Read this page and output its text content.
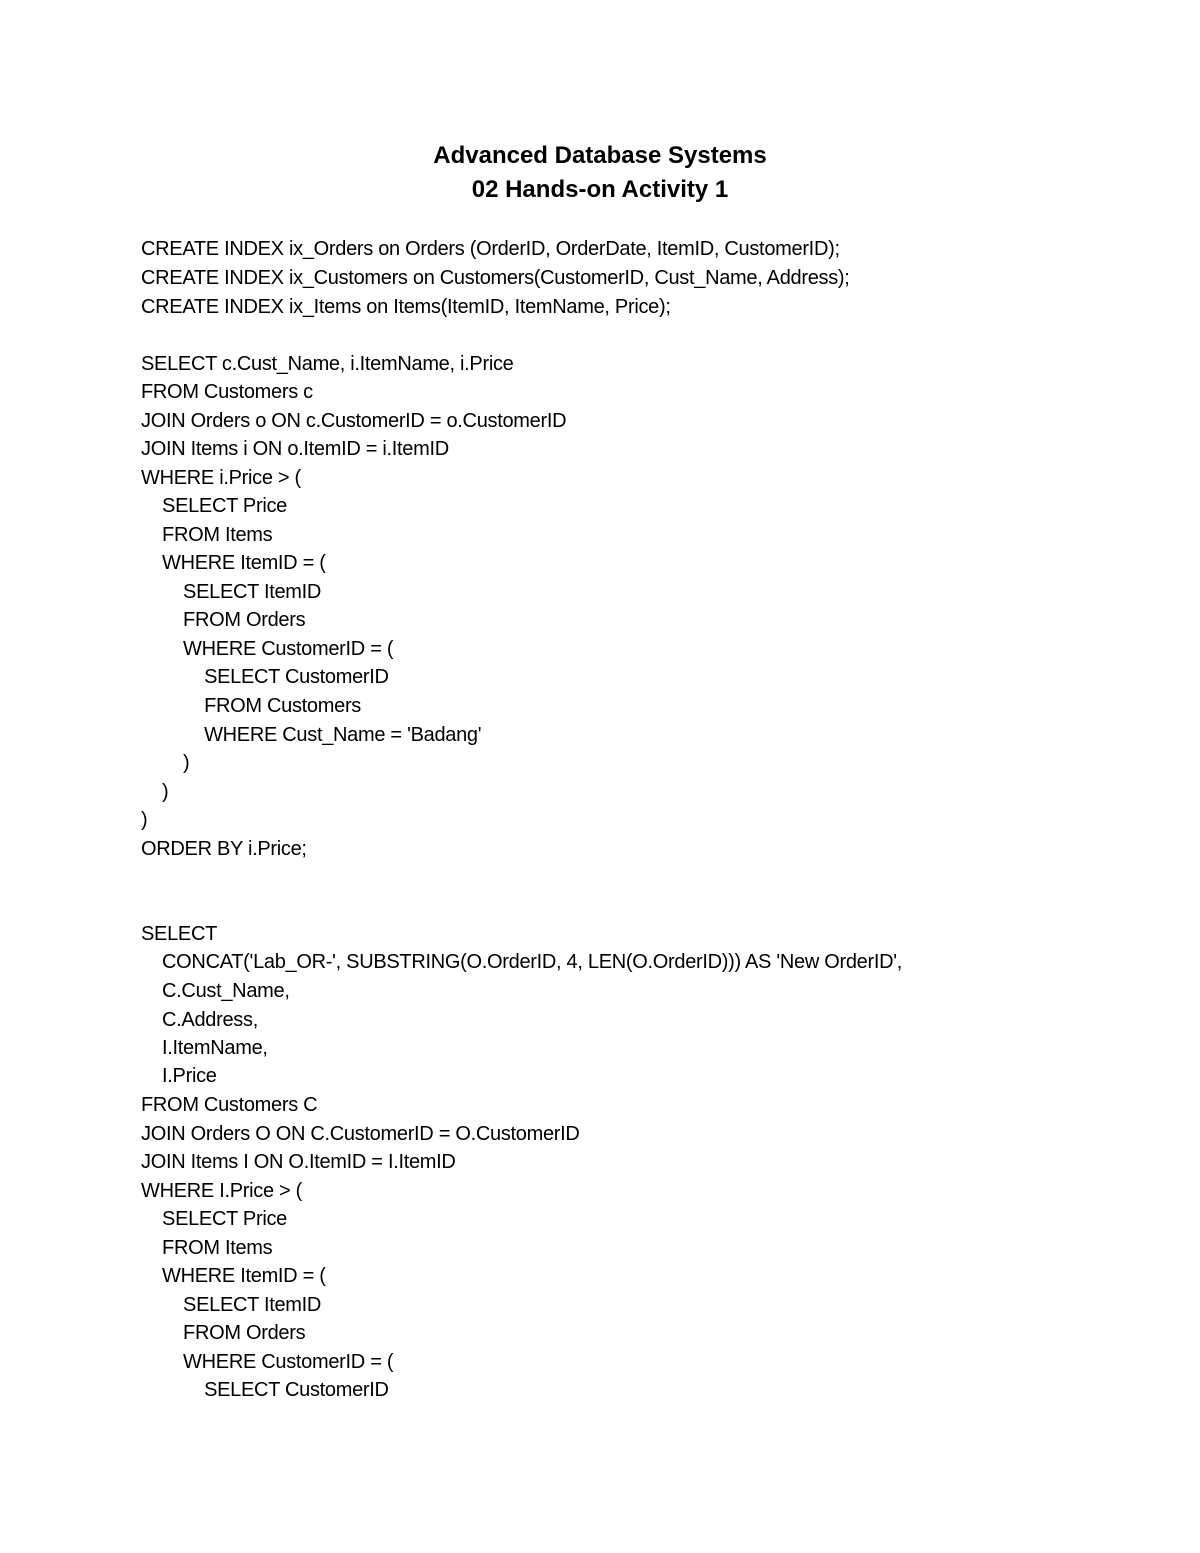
Advanced Database Systems
02 Hands-on Activity 1
CREATE INDEX ix_Orders on Orders (OrderID, OrderDate, ItemID, CustomerID);
CREATE INDEX ix_Customers on Customers(CustomerID, Cust_Name, Address);
CREATE INDEX ix_Items on Items(ItemID, ItemName, Price);
SELECT c.Cust_Name, i.ItemName, i.Price
FROM Customers c
JOIN Orders o ON c.CustomerID = o.CustomerID
JOIN Items i ON o.ItemID = i.ItemID
WHERE i.Price > (
SELECT Price
FROM Items
WHERE ItemID = (
SELECT ItemID
FROM Orders
WHERE CustomerID = (
SELECT CustomerID
FROM Customers
WHERE Cust_Name = 'Badang'
)
)
)
ORDER BY i.Price;
SELECT
CONCAT('Lab_OR-', SUBSTRING(O.OrderID, 4, LEN(O.OrderID))) AS 'New OrderID',
C.Cust_Name,
C.Address,
I.ItemName,
I.Price
FROM Customers C
JOIN Orders O ON C.CustomerID = O.CustomerID
JOIN Items I ON O.ItemID = I.ItemID
WHERE I.Price > (
SELECT Price
FROM Items
WHERE ItemID = (
SELECT ItemID
FROM Orders
WHERE CustomerID = (
SELECT CustomerID
